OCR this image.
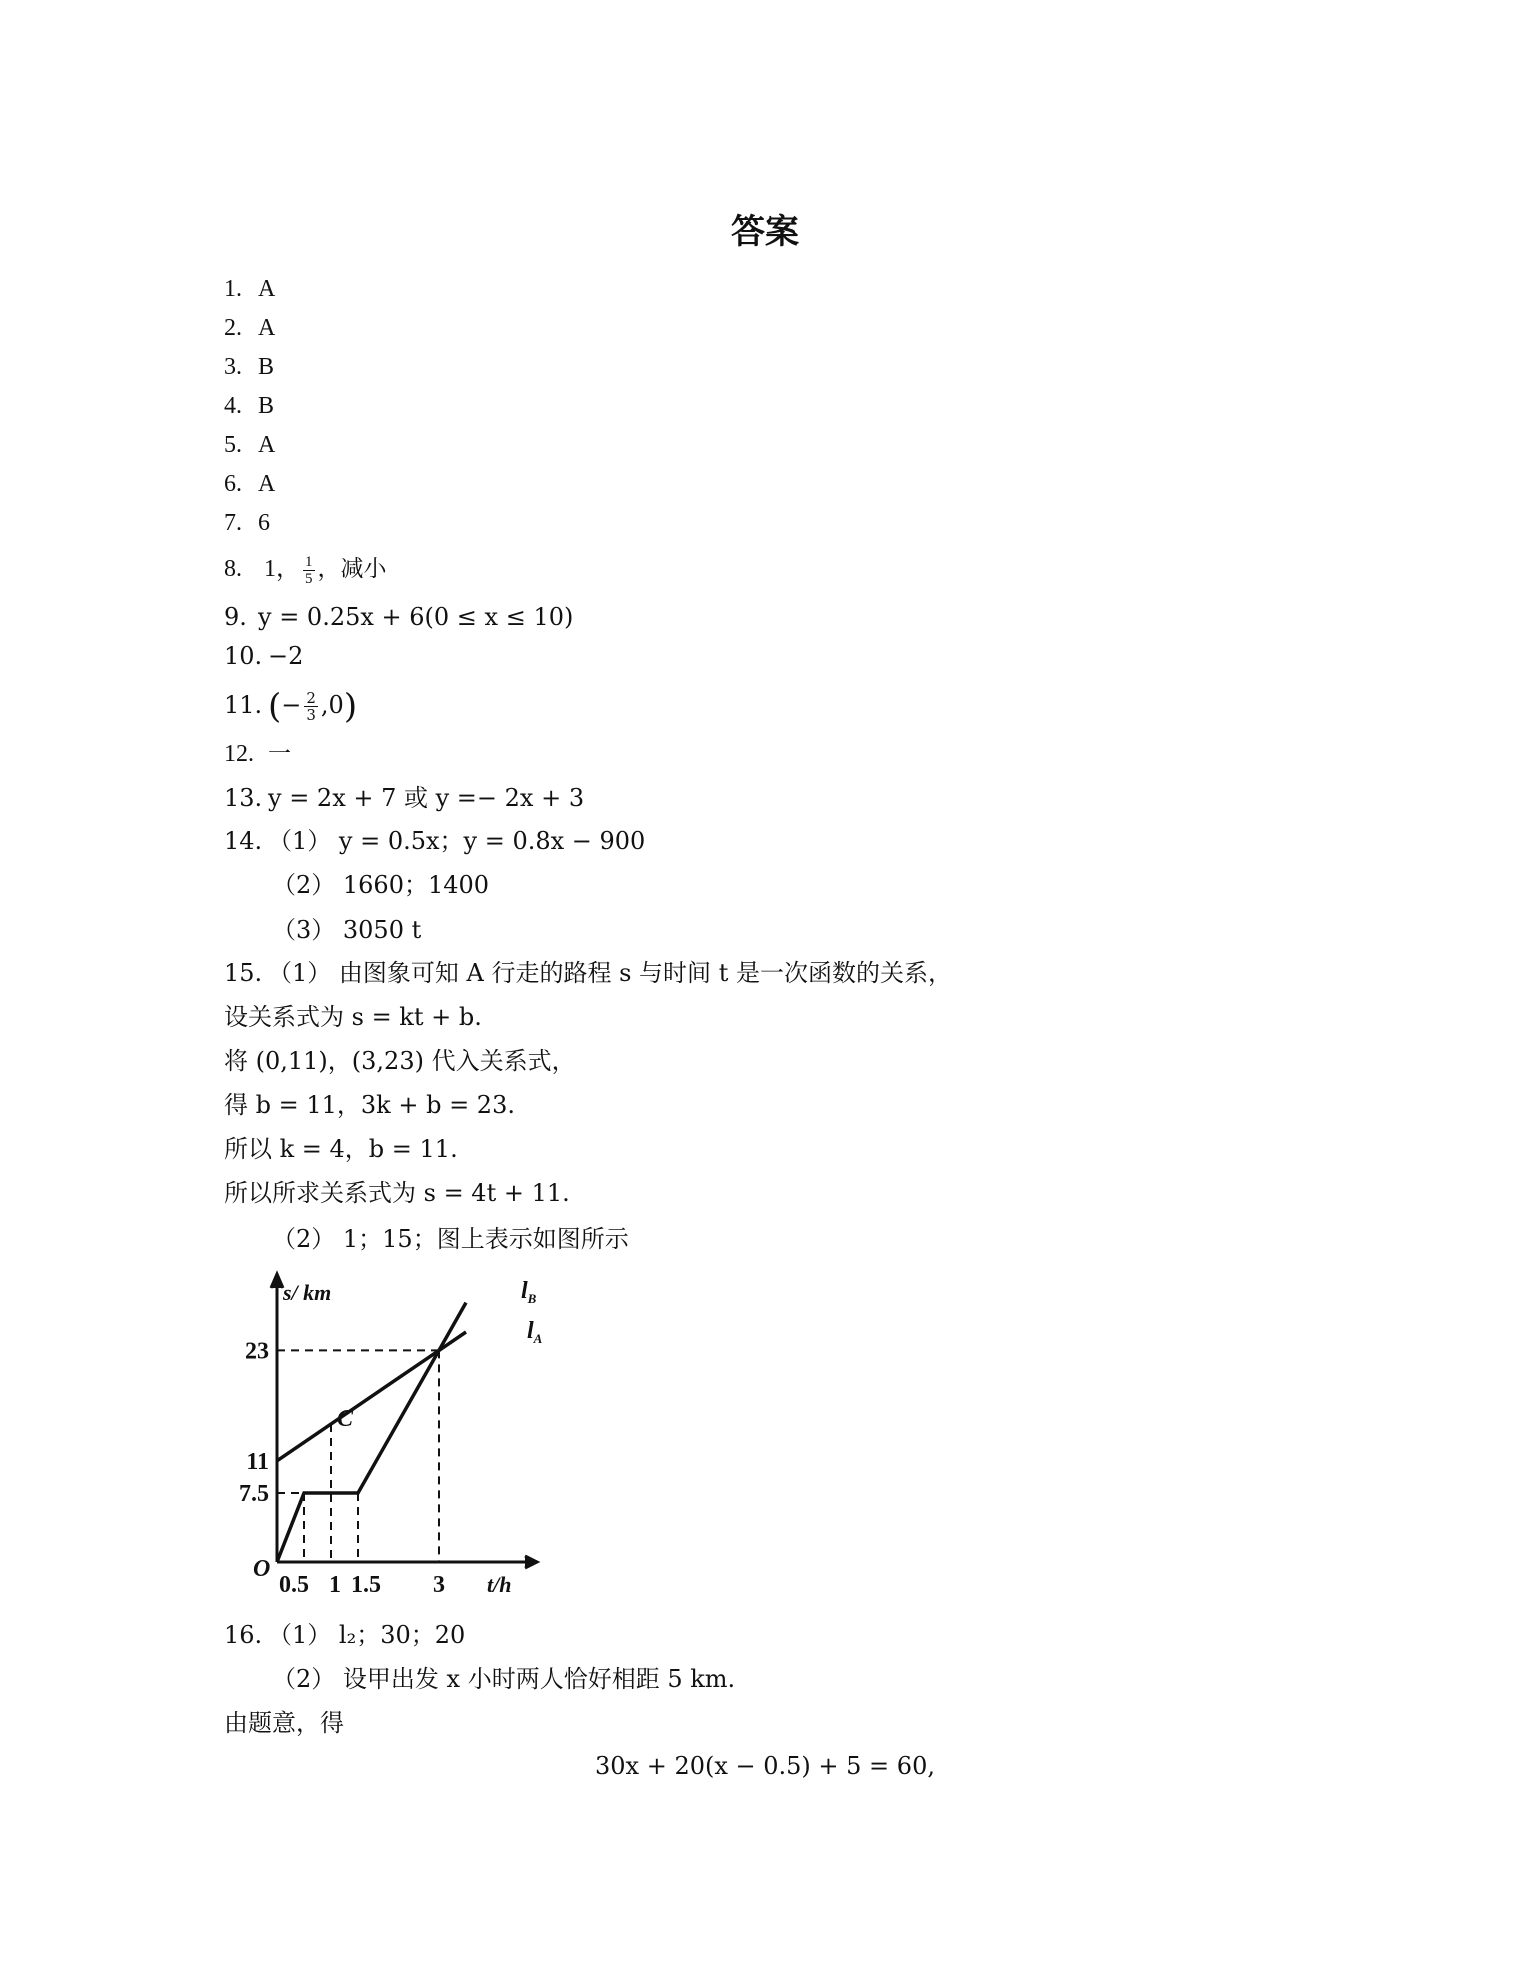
答案
1. A
2. A
3. B
4. B
5. A
6. A
7. 6
8. 1， $\frac{1}{5}$ ，减小
9. y = 0.25x + 6(0 ≤ x ≤ 10)
10. −2
11. (− $\frac{2}{3} ,0$)
12. 一
13. y = 2x + 7 或 y =− 2x + 3
14. （1） y = 0.5x；y = 0.8x − 900
（2） 1660；1400
（3） 3050 t
15. （1） 由图象可知 A 行走的路程 s 与时间 t 是一次函数的关系，
设关系式为 s = kt + b.
将 (0,11)，(3,23) 代入关系式，
得 b = 11，3k + b = 23.
所以 k = 4，b = 11.
所以所求关系式为 s = 4t + 11.
（2） 1；15；图上表示如图所示
O
s/ km
t/h
7.5
11
23
0.5 1 1.5 3
C
$l_B$
$l_A$
16. （1） l₂；30；20
（2） 设甲出发 x 小时两人恰好相距 5 km.
由题意，得
30x + 20(x − 0.5) + 5 = 60,
